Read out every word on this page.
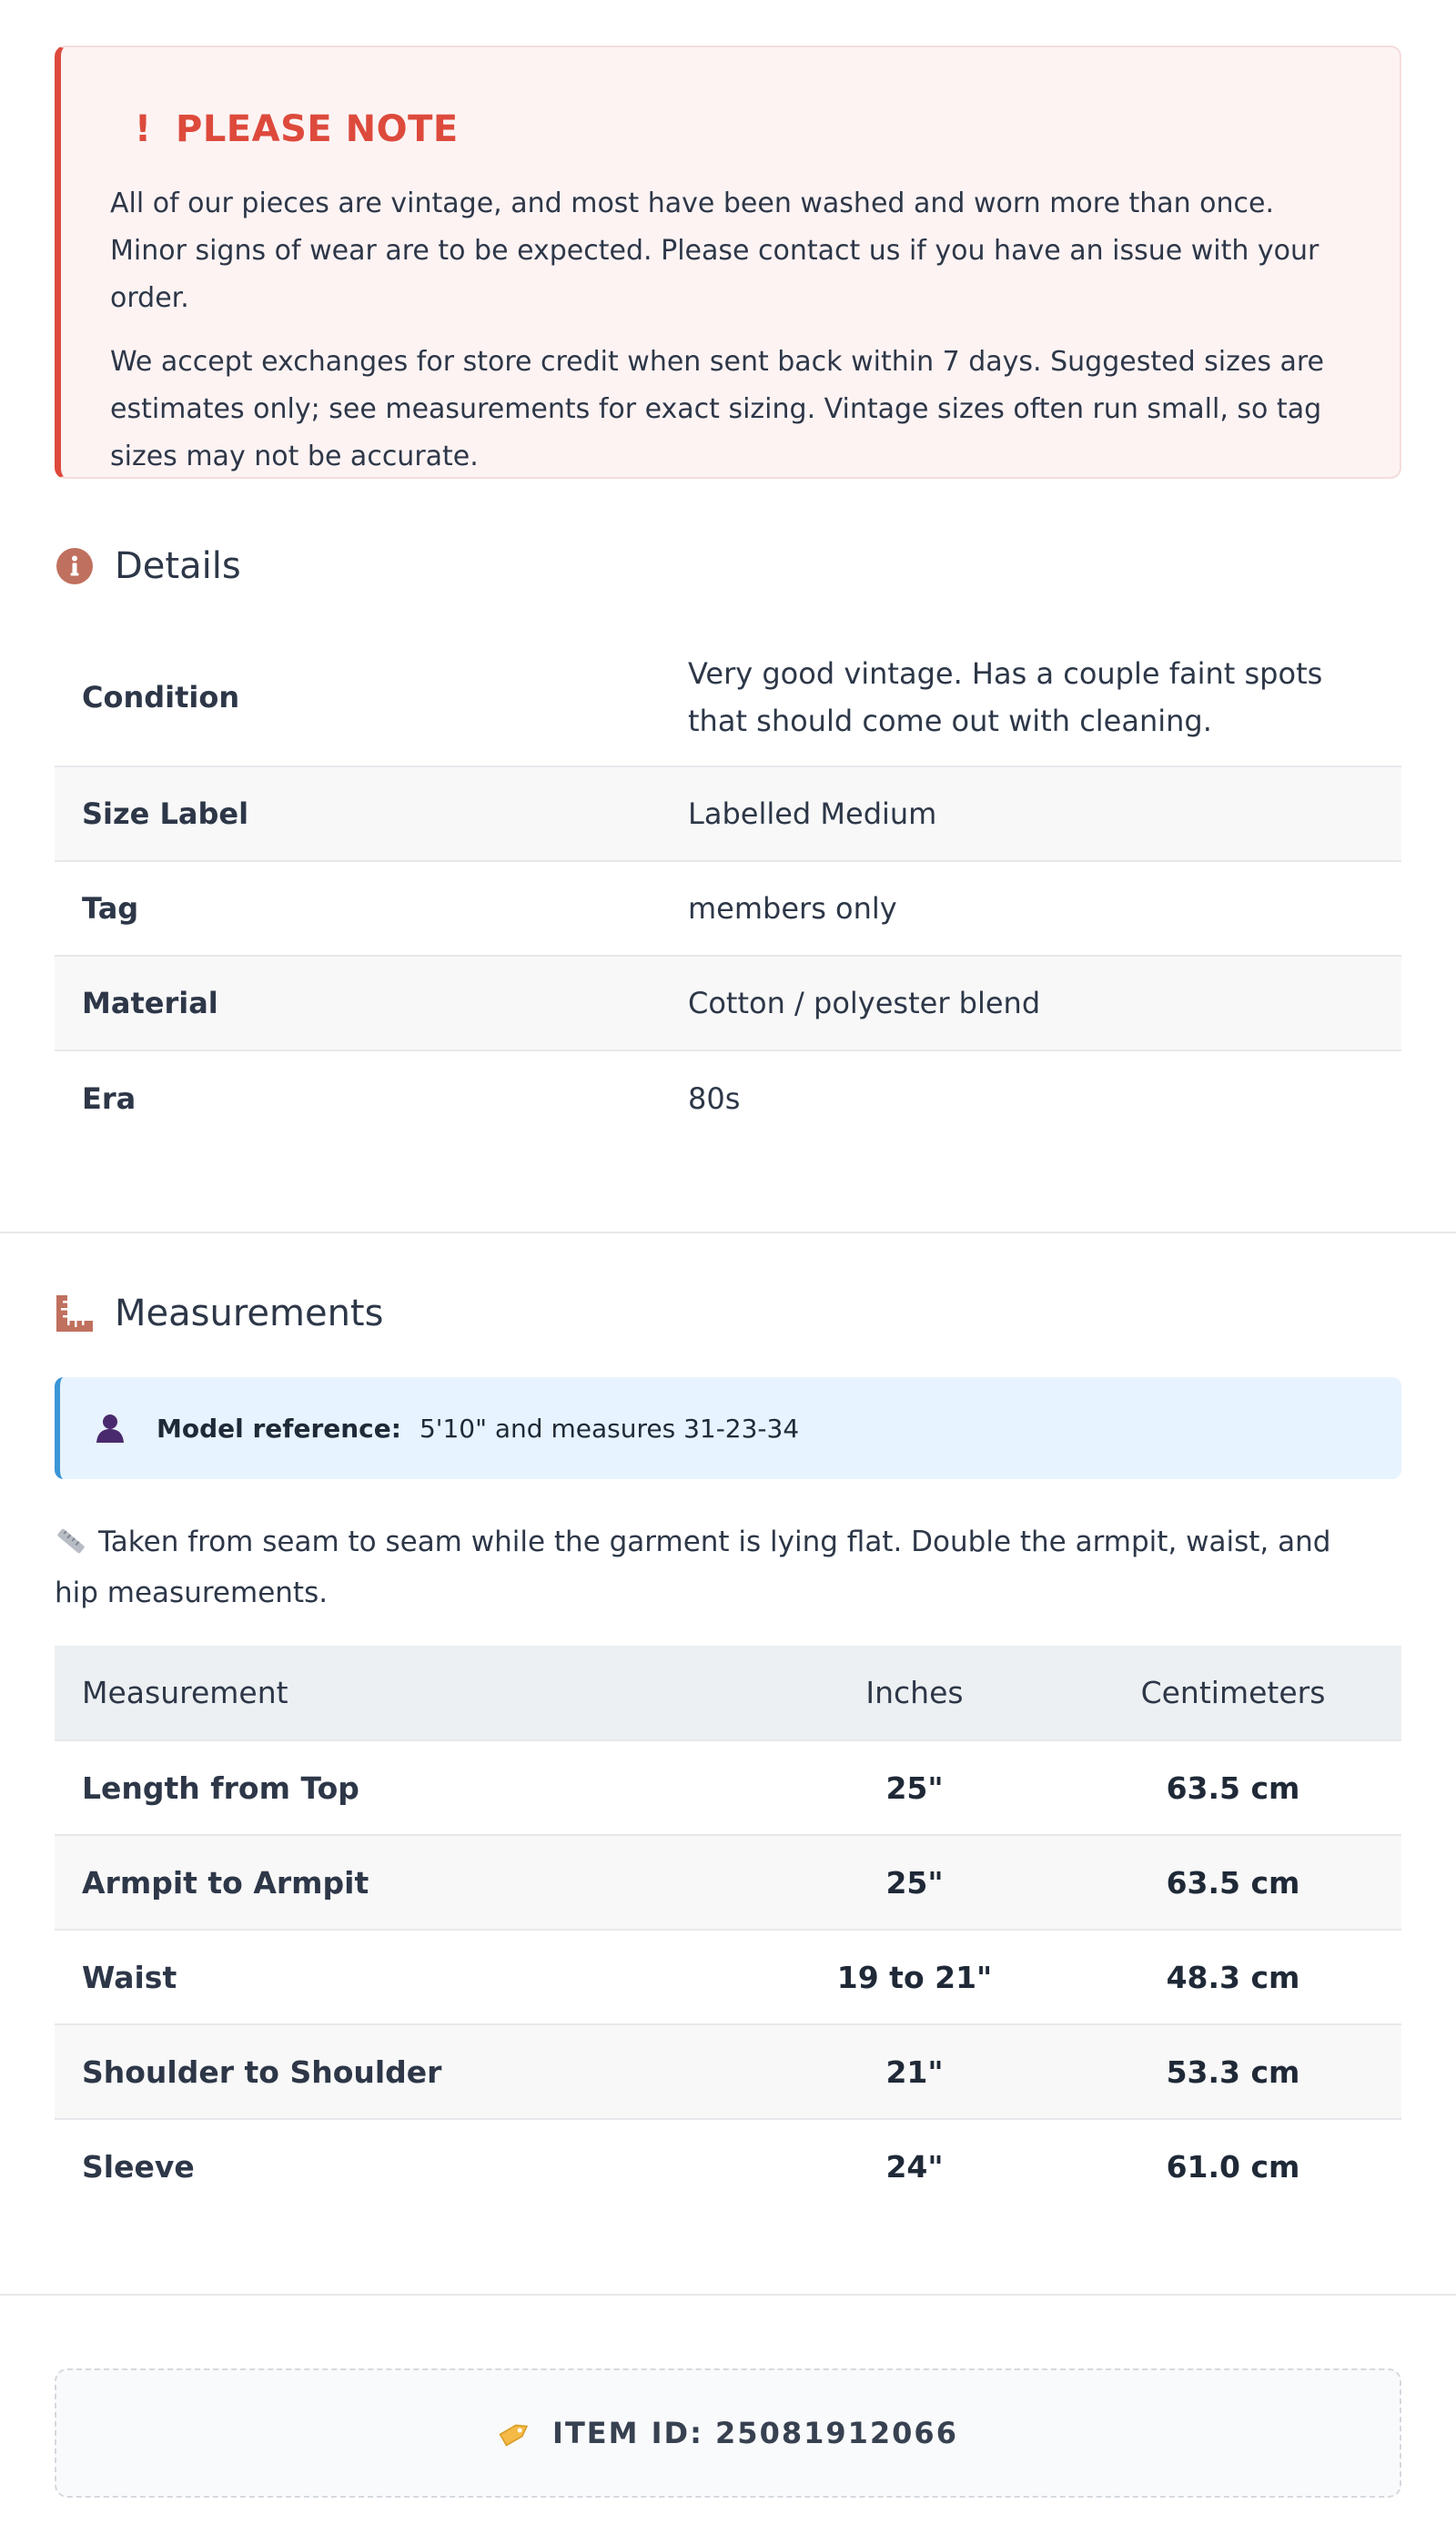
! PLEASE NOTE

All of our pieces are vintage, and most have been washed and worn more than once. Minor signs of wear are to be expected. Please contact us if you have an issue with your order.

We accept exchanges for store credit when sent back within 7 days. Suggested sizes are estimates only; see measurements for exact sizing. Vintage sizes often run small, so tag sizes may not be accurate.

Details
Condition	Very good vintage. Has a couple faint spots that should come out with cleaning.
Size Label	Labelled Medium
Tag	members only
Material	Cotton / polyester blend
Era	80s
Measurements
Model reference: 5'10" and measures 31-23-34
Taken from seam to seam while the garment is lying flat. Double the armpit, waist, and hip measurements.
Measurement	Inches	Centimeters
Length from Top	25"	63.5 cm
Armpit to Armpit	25"	63.5 cm
Waist	19 to 21"	48.3 cm
Shoulder to Shoulder	21"	53.3 cm
Sleeve	24"	61.0 cm
ITEM ID: 25081912066
